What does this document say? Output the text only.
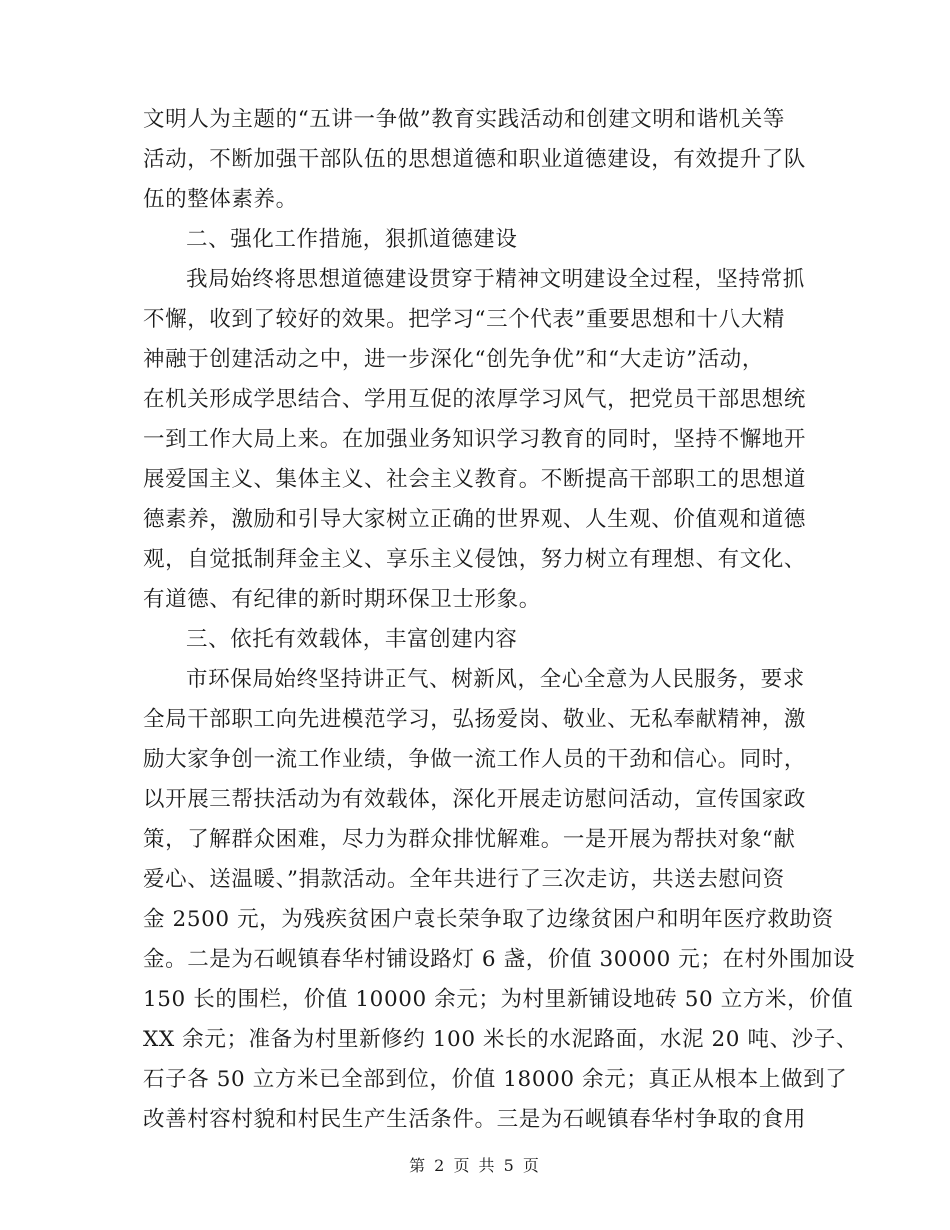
文明人为主题的“五讲一争做”教育实践活动和创建文明和谐机关等
活动，不断加强干部队伍的思想道德和职业道德建设，有效提升了队
伍的整体素养。
二、强化工作措施，狠抓道德建设
我局始终将思想道德建设贯穿于精神文明建设全过程，坚持常抓
不懈，收到了较好的效果。把学习“三个代表”重要思想和十八大精
神融于创建活动之中，进一步深化“创先争优”和“大走访”活动，
在机关形成学思结合、学用互促的浓厚学习风气，把党员干部思想统
一到工作大局上来。在加强业务知识学习教育的同时，坚持不懈地开
展爱国主义、集体主义、社会主义教育。不断提高干部职工的思想道
德素养，激励和引导大家树立正确的世界观、人生观、价值观和道德
观，自觉抵制拜金主义、享乐主义侵蚀，努力树立有理想、有文化、
有道德、有纪律的新时期环保卫士形象。
三、依托有效载体，丰富创建内容
市环保局始终坚持讲正气、树新风，全心全意为人民服务，要求
全局干部职工向先进模范学习，弘扬爱岗、敬业、无私奉献精神，激
励大家争创一流工作业绩，争做一流工作人员的干劲和信心。同时，
以开展三帮扶活动为有效载体，深化开展走访慰问活动，宣传国家政
策，了解群众困难，尽力为群众排忧解难。一是开展为帮扶对象“献
爱心、送温暖、”捐款活动。全年共进行了三次走访，共送去慰问资
金 2500 元，为残疾贫困户袁长荣争取了边缘贫困户和明年医疗救助资
金。二是为石岘镇春华村铺设路灯 6 盏，价值 30000 元；在村外围加设
150 长的围栏，价值 10000 余元；为村里新铺设地砖 50 立方米，价值
XX 余元；准备为村里新修约 100 米长的水泥路面，水泥 20 吨、沙子、
石子各 50 立方米已全部到位，价值 18000 余元；真正从根本上做到了
改善村容村貌和村民生产生活条件。三是为石岘镇春华村争取的食用
第 2 页 共 5 页
